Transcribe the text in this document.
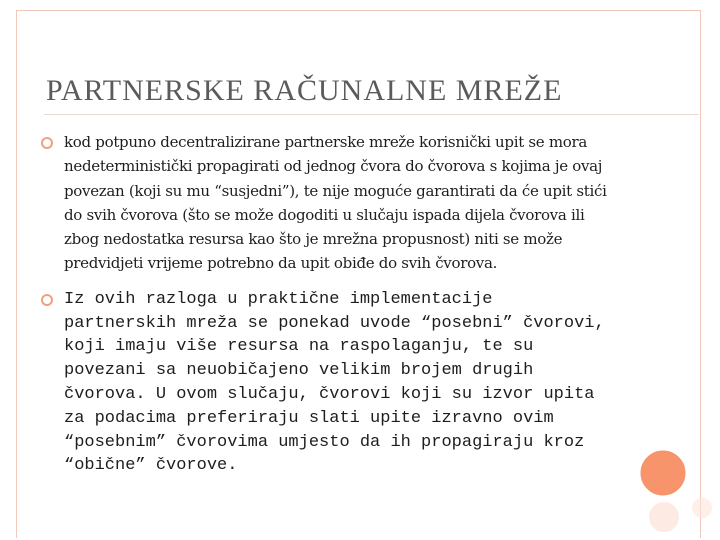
PARTNERSKE RAČUNALNE MREŽE
kod potpuno decentralizirane partnerske mreže korisnički upit se mora nedeterministički propagirati od jednog čvora do čvorova s kojima je ovaj povezan (koji su mu “susjedni”), te nije moguće garantirati da će upit stići do svih čvorova (što se može dogoditi u slučaju ispada dijela čvorova ili zbog nedostatka resursa kao što je mrežna propusnost) niti se može predvidjeti vrijeme potrebno da upit obiđe do svih čvorova.
Iz ovih razloga u praktične implementacije partnerskih mreža se ponekad uvode “posebni” čvorovi, koji imaju više resursa na raspolaganju, te su povezani sa neuobičajeno velikim brojem drugih čvorova. U ovom slučaju, čvorovi koji su izvor upita za podacima preferiraju slati upite izravno ovim “posebnim” čvorovima umjesto da ih propagiraju kroz “obične” čvorove.
